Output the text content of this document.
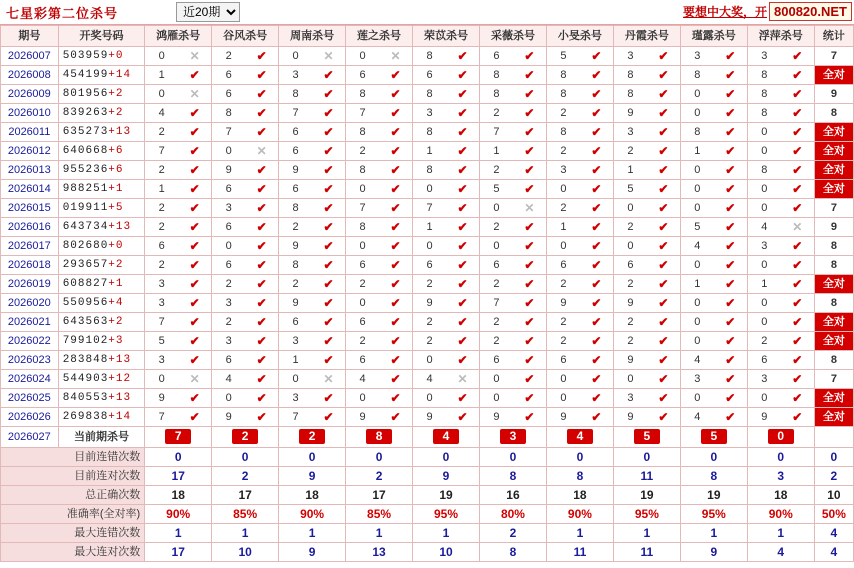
七星彩第二位杀号
近20期	要想中大奖，开 800820.NET
期号	开奖号码	鸿雁杀号	谷风杀号	周南杀号	莲之杀号	荣苡杀号	采薇杀号	小旻杀号	丹霞杀号	瑾露杀号	浮萍杀号	统计
2026007	503959+0	0 ✕	2 ✔	0 ✕	0 ✕	8 ✔	6 ✔	5 ✔	3 ✔	3 ✔	3 ✔	7
2026008	454199+14	1 ✔	6 ✔	3 ✔	6 ✔	6 ✔	8 ✔	8 ✔	8 ✔	8 ✔	8 ✔	全对
2026009	801956+2	0 ✕	6 ✔	8 ✔	8 ✔	8 ✔	8 ✔	8 ✔	8 ✔	0 ✔	8 ✔	9
2026010	839263+2	4 ✔	8 ✔	7 ✔	7 ✔	3 ✔	2 ✔	2 ✔	9 ✔	0 ✔	8 ✔	8
2026011	635273+13	2 ✔	7 ✔	6 ✔	8 ✔	8 ✔	7 ✔	8 ✔	3 ✔	8 ✔	0 ✔	全对
2026012	640668+6	7 ✔	0 ✕	6 ✔	2 ✔	1 ✔	1 ✔	2 ✔	2 ✔	1 ✔	0 ✔	全对
2026013	955236+6	2 ✔	9 ✔	9 ✔	8 ✔	8 ✔	2 ✔	3 ✔	1 ✔	0 ✔	8 ✔	全对
2026014	988251+1	1 ✔	6 ✔	6 ✔	0 ✔	0 ✔	5 ✔	0 ✔	5 ✔	0 ✔	0 ✔	全对
2026015	019911+5	2 ✔	3 ✔	8 ✔	7 ✔	7 ✔	0 ✕	2 ✔	0 ✔	0 ✔	0 ✔	7
2026016	643734+13	2 ✔	6 ✔	2 ✔	8 ✔	1 ✔	2 ✔	1 ✔	2 ✔	5 ✔	4 ✕	9
2026017	802680+0	6 ✔	0 ✔	9 ✔	0 ✔	0 ✔	0 ✔	0 ✔	0 ✔	4 ✔	3 ✔	8
2026018	293657+2	2 ✔	6 ✔	8 ✔	6 ✔	6 ✔	6 ✔	6 ✔	6 ✔	0 ✔	0 ✔	8
2026019	608827+1	3 ✔	2 ✔	2 ✔	2 ✔	2 ✔	2 ✔	2 ✔	2 ✔	1 ✔	1 ✔	全对
2026020	550956+4	3 ✔	3 ✔	9 ✔	0 ✔	9 ✔	7 ✔	9 ✔	9 ✔	0 ✔	0 ✔	8
2026021	643563+2	7 ✔	2 ✔	6 ✔	6 ✔	2 ✔	2 ✔	2 ✔	2 ✔	0 ✔	0 ✔	全对
2026022	799102+3	5 ✔	3 ✔	3 ✔	2 ✔	2 ✔	2 ✔	2 ✔	2 ✔	0 ✔	2 ✔	全对
2026023	283848+13	3 ✔	6 ✔	1 ✔	6 ✔	0 ✔	6 ✔	6 ✔	9 ✔	4 ✔	6 ✔	8
2026024	544903+12	0 ✕	4 ✔	0 ✕	4 ✔	4 ✕	0 ✔	0 ✔	0 ✔	3 ✔	3 ✔	7
2026025	840553+13	9 ✔	0 ✔	3 ✔	0 ✔	0 ✔	0 ✔	0 ✔	3 ✔	0 ✔	0 ✔	全对
2026026	269838+14	7 ✔	9 ✔	7 ✔	9 ✔	9 ✔	9 ✔	9 ✔	9 ✔	4 ✔	9 ✔	全对
2026027	当前期杀号	7	2	2	8	4	3	4	5	5	0	
目前连错次数		0	0	0	0	0	0	0	0	0	0	0
目前连对次数		17	2	9	2	9	8	8	11	8	3	2
总正确次数		18	17	18	17	19	16	18	19	19	18	10
准确率(全对率)		90%	85%	90%	85%	95%	80%	90%	95%	95%	90%	50%
最大连错次数		1	1	1	1	1	2	1	1	1	1	4
最大连对次数		17	10	9	13	10	8	11	11	9	4	4
